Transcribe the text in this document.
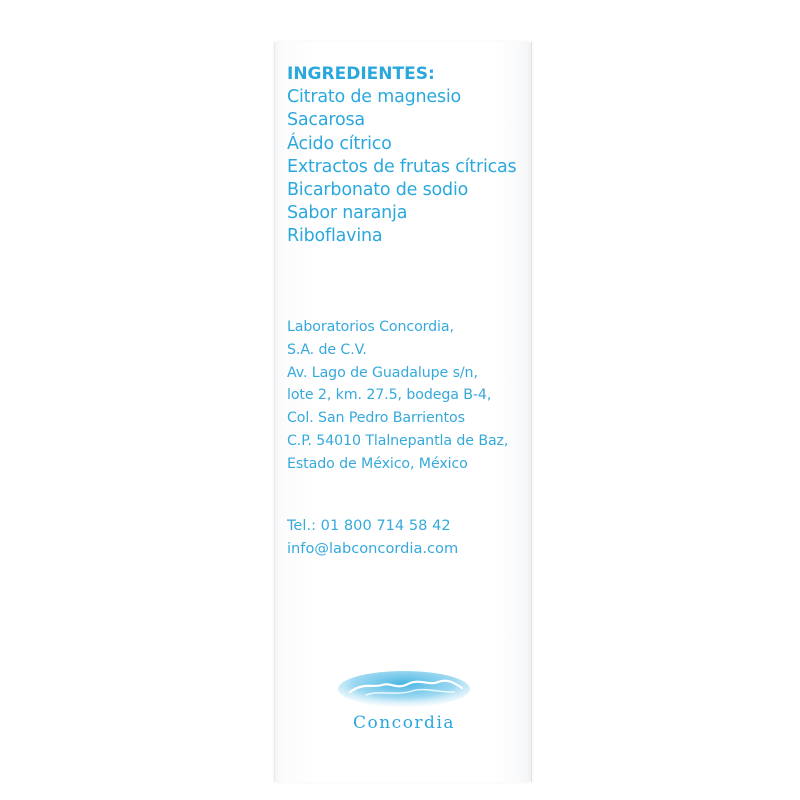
INGREDIENTES:
Citrato de magnesio
Sacarosa
Ácido cítrico
Extractos de frutas cítricas
Bicarbonato de sodio
Sabor naranja
Riboflavina
Laboratorios Concordia,
S.A. de C.V.
Av. Lago de Guadalupe s/n,
lote 2, km. 27.5, bodega B-4,
Col. San Pedro Barrientos
C.P. 54010 Tlalnepantla de Baz,
Estado de México, México
Tel.: 01 800 714 58 42
info@labconcordia.com
Concordia
